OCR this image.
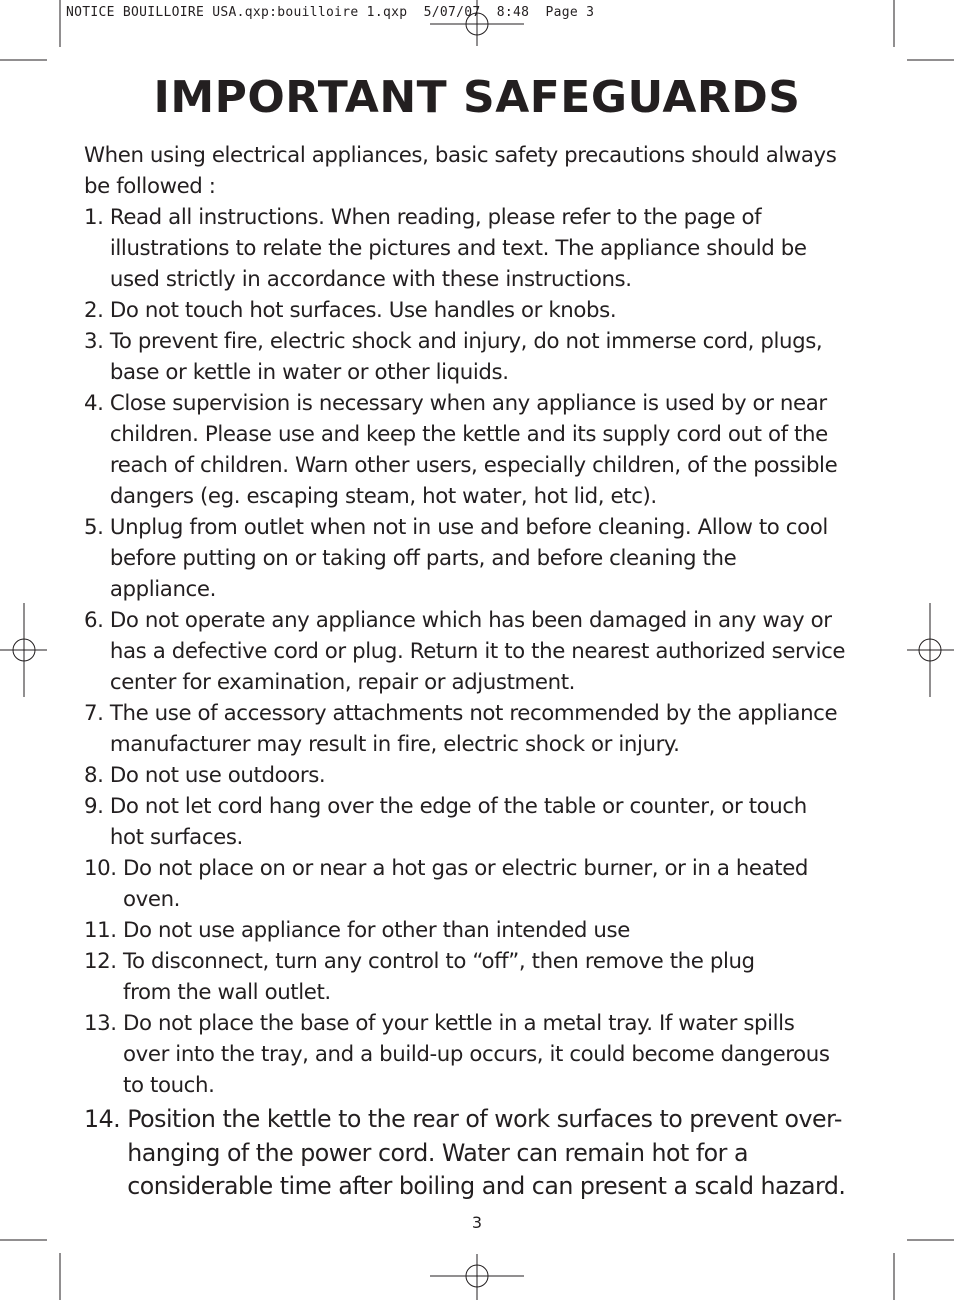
NOTICE BOUILLOIRE USA.qxp:bouilloire 1.qxp  5/07/07  8:48  Page 3
IMPORTANT SAFEGUARDS

When using electrical appliances, basic safety precautions should always
be followed :

1. Read all instructions. When reading, please refer to the page of
illustrations to relate the pictures and text. The appliance should be
used strictly in accordance with these instructions.
2. Do not touch hot surfaces. Use handles or knobs.
3. To prevent fire, electric shock and injury, do not immerse cord, plugs,
base or kettle in water or other liquids.
4. Close supervision is necessary when any appliance is used by or near
children. Please use and keep the kettle and its supply cord out of the
reach of children. Warn other users, especially children, of the possible
dangers (eg. escaping steam, hot water, hot lid, etc).
5. Unplug from outlet when not in use and before cleaning. Allow to cool
before putting on or taking off parts, and before cleaning the
appliance.
6. Do not operate any appliance which has been damaged in any way or
has a defective cord or plug. Return it to the nearest authorized service
center for examination, repair or adjustment.
7. The use of accessory attachments not recommended by the appliance
manufacturer may result in fire, electric shock or injury.
8. Do not use outdoors.
9. Do not let cord hang over the edge of the table or counter, or touch
hot surfaces.
10. Do not place on or near a hot gas or electric burner, or in a heated
oven.
11. Do not use appliance for other than intended use
12. To disconnect, turn any control to “off”, then remove the plug
from the wall outlet.
13. Do not place the base of your kettle in a metal tray. If water spills
over into the tray, and a build-up occurs, it could become dangerous
to touch.
14. Position the kettle to the rear of work surfaces to prevent over-
hanging of the power cord. Water can remain hot for a
considerable time after boiling and can present a scald hazard.
3
